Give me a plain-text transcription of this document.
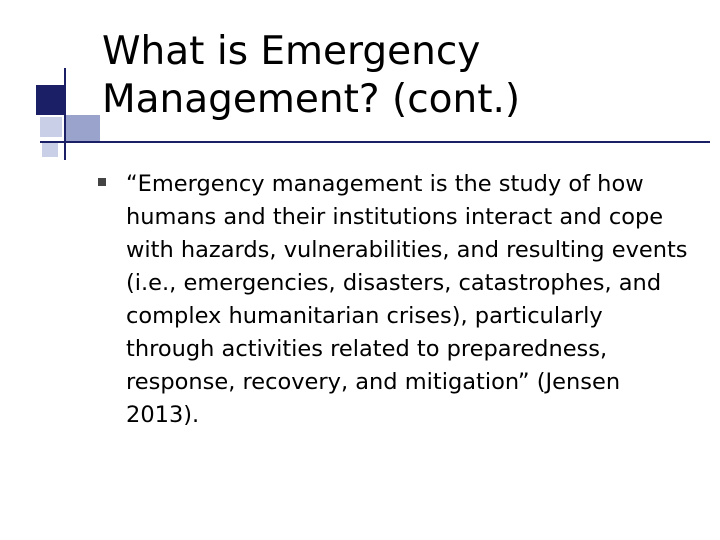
What is Emergency
Management? (cont.)

“Emergency management is the study of how humans and their institutions interact and cope with hazards, vulnerabilities, and resulting events (i.e., emergencies, disasters, catastrophes, and complex humanitarian crises), particularly through activities related to preparedness, response, recovery, and mitigation” (Jensen 2013).
